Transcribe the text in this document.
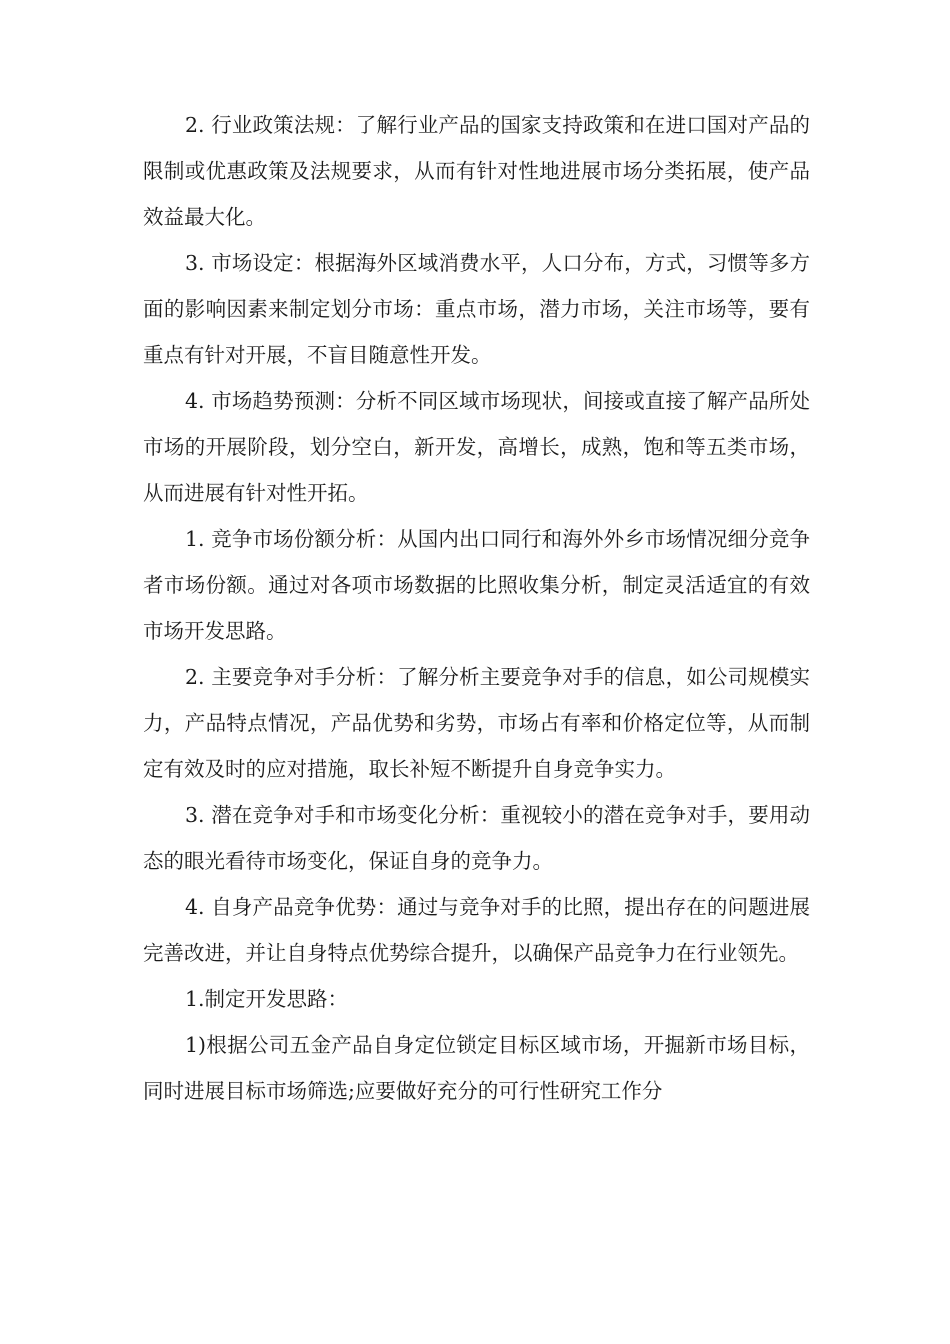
2. 行业政策法规：了解行业产品的国家支持政策和在进口国对产品的限制或优惠政策及法规要求，从而有针对性地进展市场分类拓展，使产品效益最大化。

3. 市场设定：根据海外区域消费水平，人口分布，方式，习惯等多方面的影响因素来制定划分市场：重点市场，潜力市场，关注市场等，要有重点有针对开展，不盲目随意性开发。

4. 市场趋势预测：分析不同区域市场现状，间接或直接了解产品所处市场的开展阶段，划分空白，新开发，高增长，成熟，饱和等五类市场，从而进展有针对性开拓。

1. 竞争市场份额分析：从国内出口同行和海外外乡市场情况细分竞争者市场份额。通过对各项市场数据的比照收集分析，制定灵活适宜的有效市场开发思路。

2. 主要竞争对手分析：了解分析主要竞争对手的信息，如公司规模实力，产品特点情况，产品优势和劣势，市场占有率和价格定位等，从而制定有效及时的应对措施，取长补短不断提升自身竞争实力。

3. 潜在竞争对手和市场变化分析：重视较小的潜在竞争对手，要用动态的眼光看待市场变化，保证自身的竞争力。

4. 自身产品竞争优势：通过与竞争对手的比照，提出存在的问题进展完善改进，并让自身特点优势综合提升，以确保产品竞争力在行业领先。

1.制定开发思路：

1)根据公司五金产品自身定位锁定目标区域市场，开掘新市场目标，同时进展目标市场筛选;应要做好充分的可行性研究工作分
